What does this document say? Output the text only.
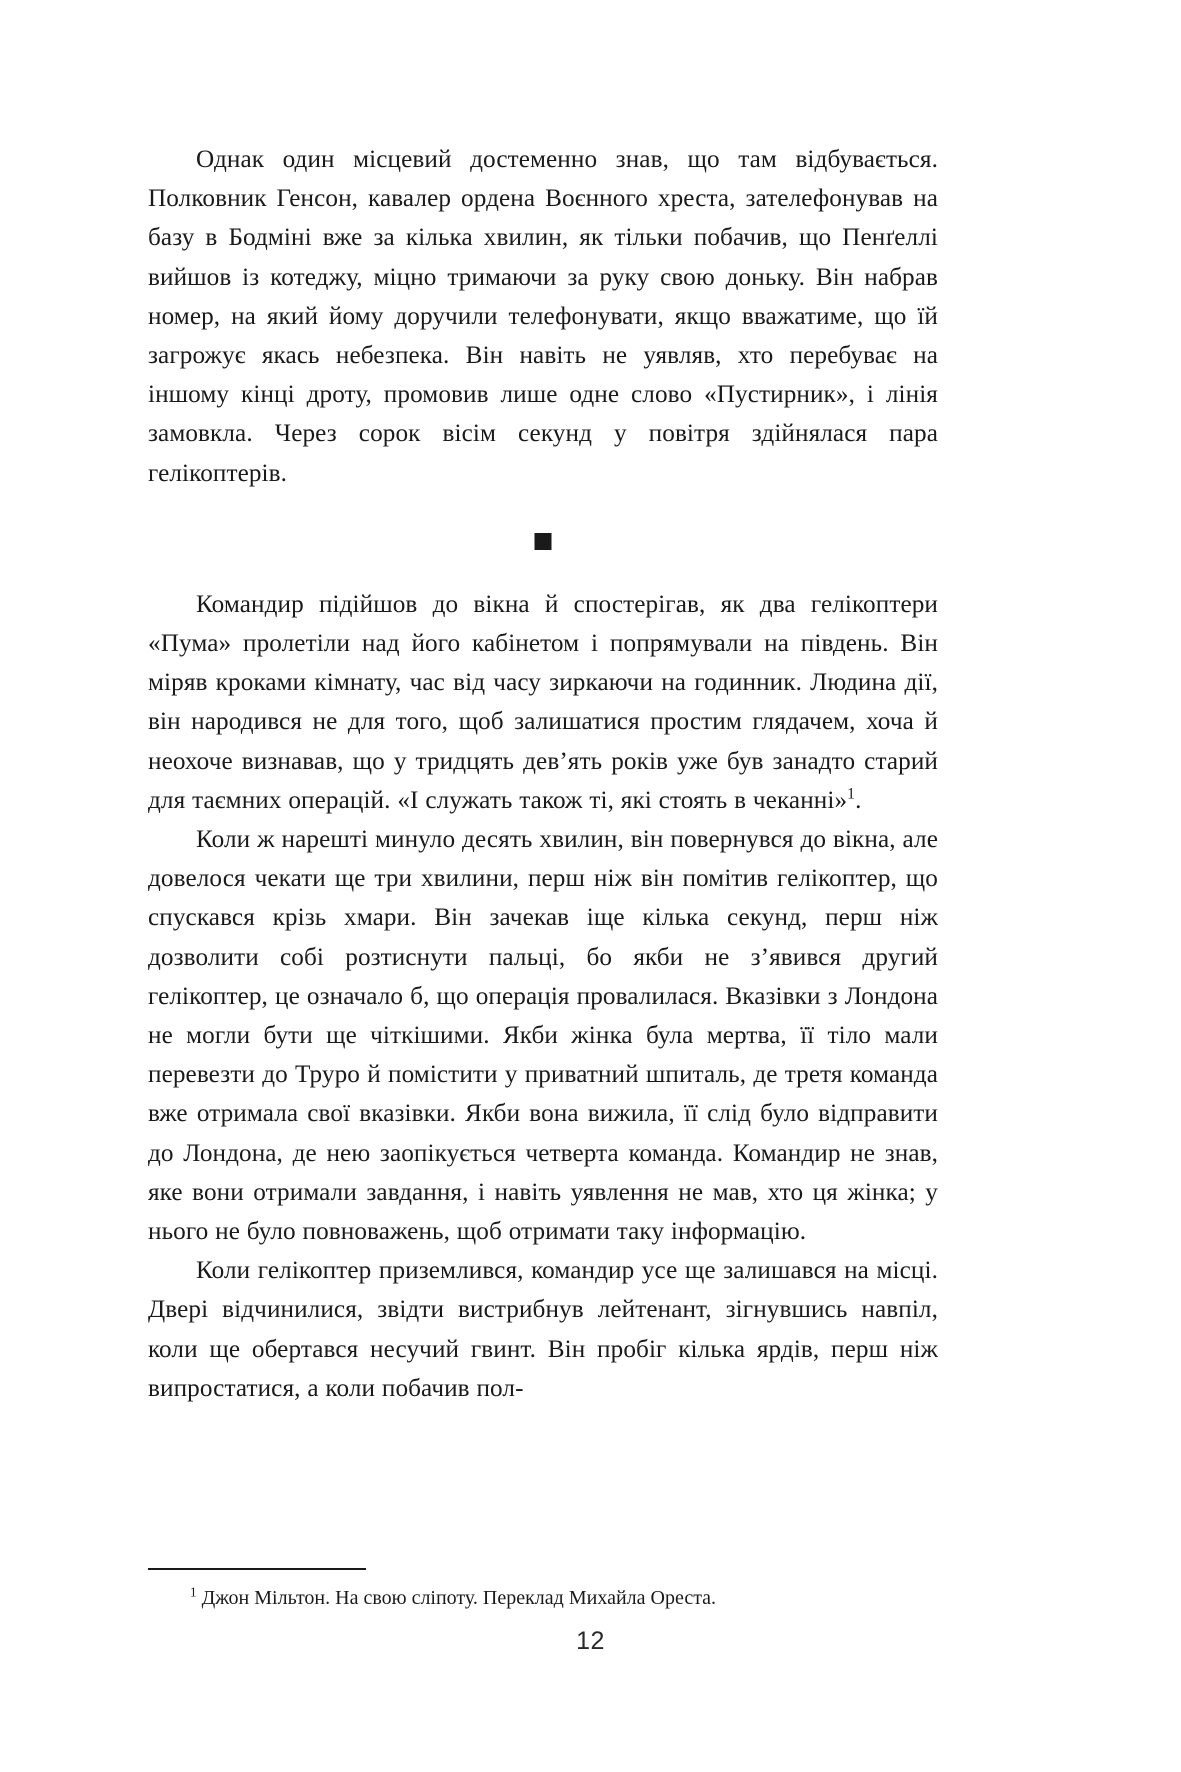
Однак один місцевий достеменно знав, що там відбувається. Полковник Генсон, кавалер ордена Воєнного хреста, зателефонував на базу в Бодміні вже за кілька хвилин, як тільки побачив, що Пенґеллі вийшов із котеджу, міцно тримаючи за руку свою доньку. Він набрав номер, на який йому доручили телефонувати, якщо вважатиме, що їй загрожує якась небезпека. Він навіть не уявляв, хто перебуває на іншому кінці дроту, промовив лише одне слово «Пустирник», і лінія замовкла. Через сорок вісім секунд у повітря здійнялася пара гелікоптерів.

Командир підійшов до вікна й спостерігав, як два гелікоптери «Пума» пролетіли над його кабінетом і попрямували на південь. Він міряв кроками кімнату, час від часу зиркаючи на годинник. Людина дії, він народився не для того, щоб залишатися простим глядачем, хоча й неохоче визнавав, що у тридцять дев’ять років уже був занадто старий для таємних операцій. «І служать також ті, які стоять в чеканні»$^1$.

Коли ж нарешті минуло десять хвилин, він повернувся до вікна, але довелося чекати ще три хвилини, перш ніж він помітив гелікоптер, що спускався крізь хмари. Він зачекав іще кілька секунд, перш ніж дозволити собі розтиснути пальці, бо якби не з’явився другий гелікоптер, це означало б, що операція провалилася. Вказівки з Лондона не могли бути ще чіткішими. Якби жінка була мертва, її тіло мали перевезти до Труро й помістити у приватний шпиталь, де третя команда вже отримала свої вказівки. Якби вона вижила, її слід було відправити до Лондона, де нею заопікується четверта команда. Командир не знав, яке вони отримали завдання, і навіть уявлення не мав, хто ця жінка; у нього не було повноважень, щоб отримати таку інформацію.

Коли гелікоптер приземлився, командир усе ще залишався на місці. Двері відчинилися, звідти вистрибнув лейтенант, зігнувшись навпіл, коли ще обертався несучий гвинт. Він пробіг кілька ярдів, перш ніж випростатися, а коли побачив пол-

$^1$ Джон Мільтон. На свою сліпоту. Переклад Михайла Ореста.

12
